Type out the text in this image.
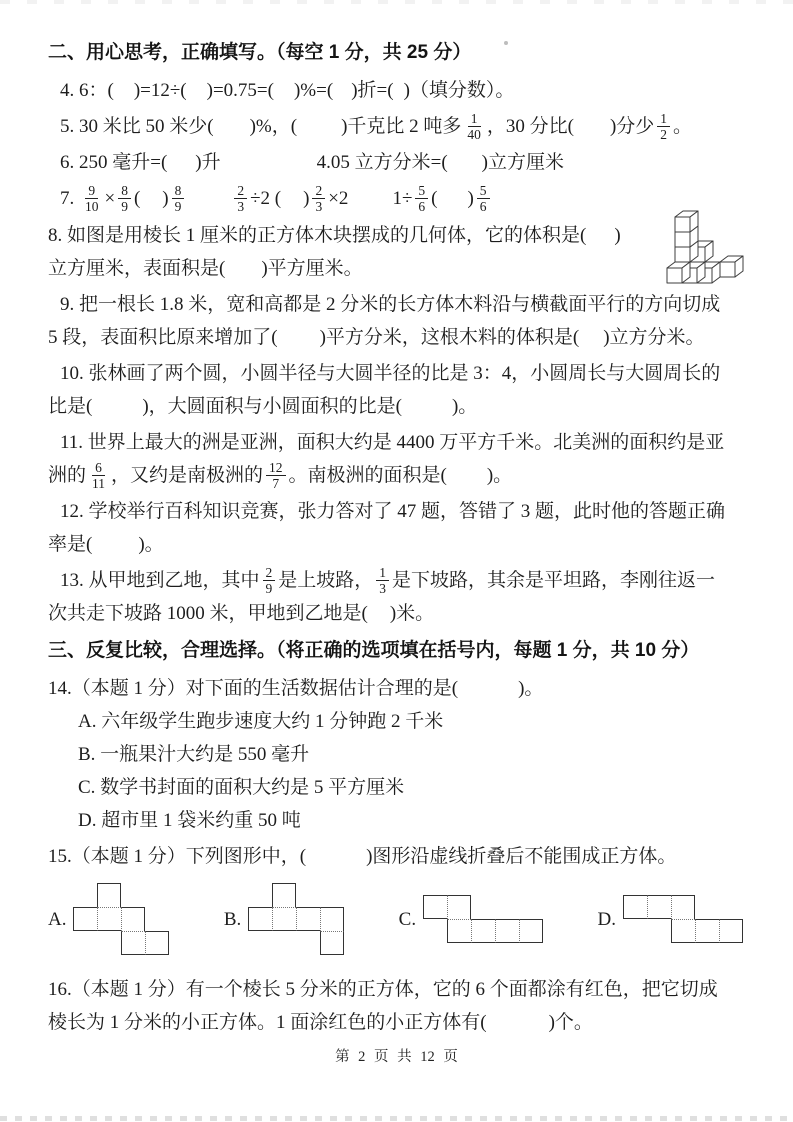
二、用心思考，正确填写。（每空 1 分，共 25 分）
4. 6：( )=12÷( )=0.75=( )%=( )折=( )（填分数）。
5. 30 米比 50 米少( )%，( )千克比 2 吨多 $\frac{1}{40}$ ，30 分比( )分少 $\frac{1}{2}$ 。
6. 250 毫升=( )升	4.05 立方分米=( )立方厘米
7. $\frac{9}{10} \times \frac{8}{9}$ ( ) $\frac{8}{9}$	$\frac{2}{3} \div 2$ ( ) $\frac{2}{3} \times 2$ $1\div \frac{5}{6}$ ( ) $\frac{5}{6}$
8. 如图是用棱长 1 厘米的正方体木块摆成的几何体，它的体积是( )
立方厘米，表面积是( )平方厘米。
9. 把一根长 1.8 米，宽和高都是 2 分米的长方体木料沿与横截面平行的方向切成
5 段，表面积比原来增加了( )平方分米，这根木料的体积是( )立方分米。
10. 张林画了两个圆，小圆半径与大圆半径的比是 3：4，小圆周长与大圆周长的
比是(	)，大圆面积与小圆面积的比是(	)。
11. 世界上最大的洲是亚洲，面积大约是 4400 万平方千米。北美洲的面积约是亚
洲的 $\frac{6}{11}$ ，又约是南极洲的 $\frac{12}{7}$ 。南极洲的面积是( )。
12. 学校举行百科知识竞赛，张力答对了 47 题，答错了 3 题，此时他的答题正确
率是( )。
13. 从甲地到乙地，其中 $\frac{2}{9}$ 是上坡路， $\frac{1}{3}$ 是下坡路，其余是平坦路，李刚往返一
次共走下坡路 1000 米，甲地到乙地是( )米。
三、反复比较，合理选择。（将正确的选项填在括号内，每题 1 分，共 10 分）
14.（本题 1 分）对下面的生活数据估计合理的是(	)。
A. 六年级学生跑步速度大约 1 分钟跑 2 千米
B. 一瓶果汁大约是 550 毫升
C. 数学书封面的面积大约是 5 平方厘米
D. 超市里 1 袋米约重 50 吨
15.（本题 1 分）下列图形中，(	)图形沿虚线折叠后不能围成正方体。
A.	B.	C.	D.
16.（本题 1 分）有一个棱长 5 分米的正方体，它的 6 个面都涂有红色，把它切成
棱长为 1 分米的小正方体。1 面涂红色的小正方体有(	)个。
第 2 页 共 12 页
